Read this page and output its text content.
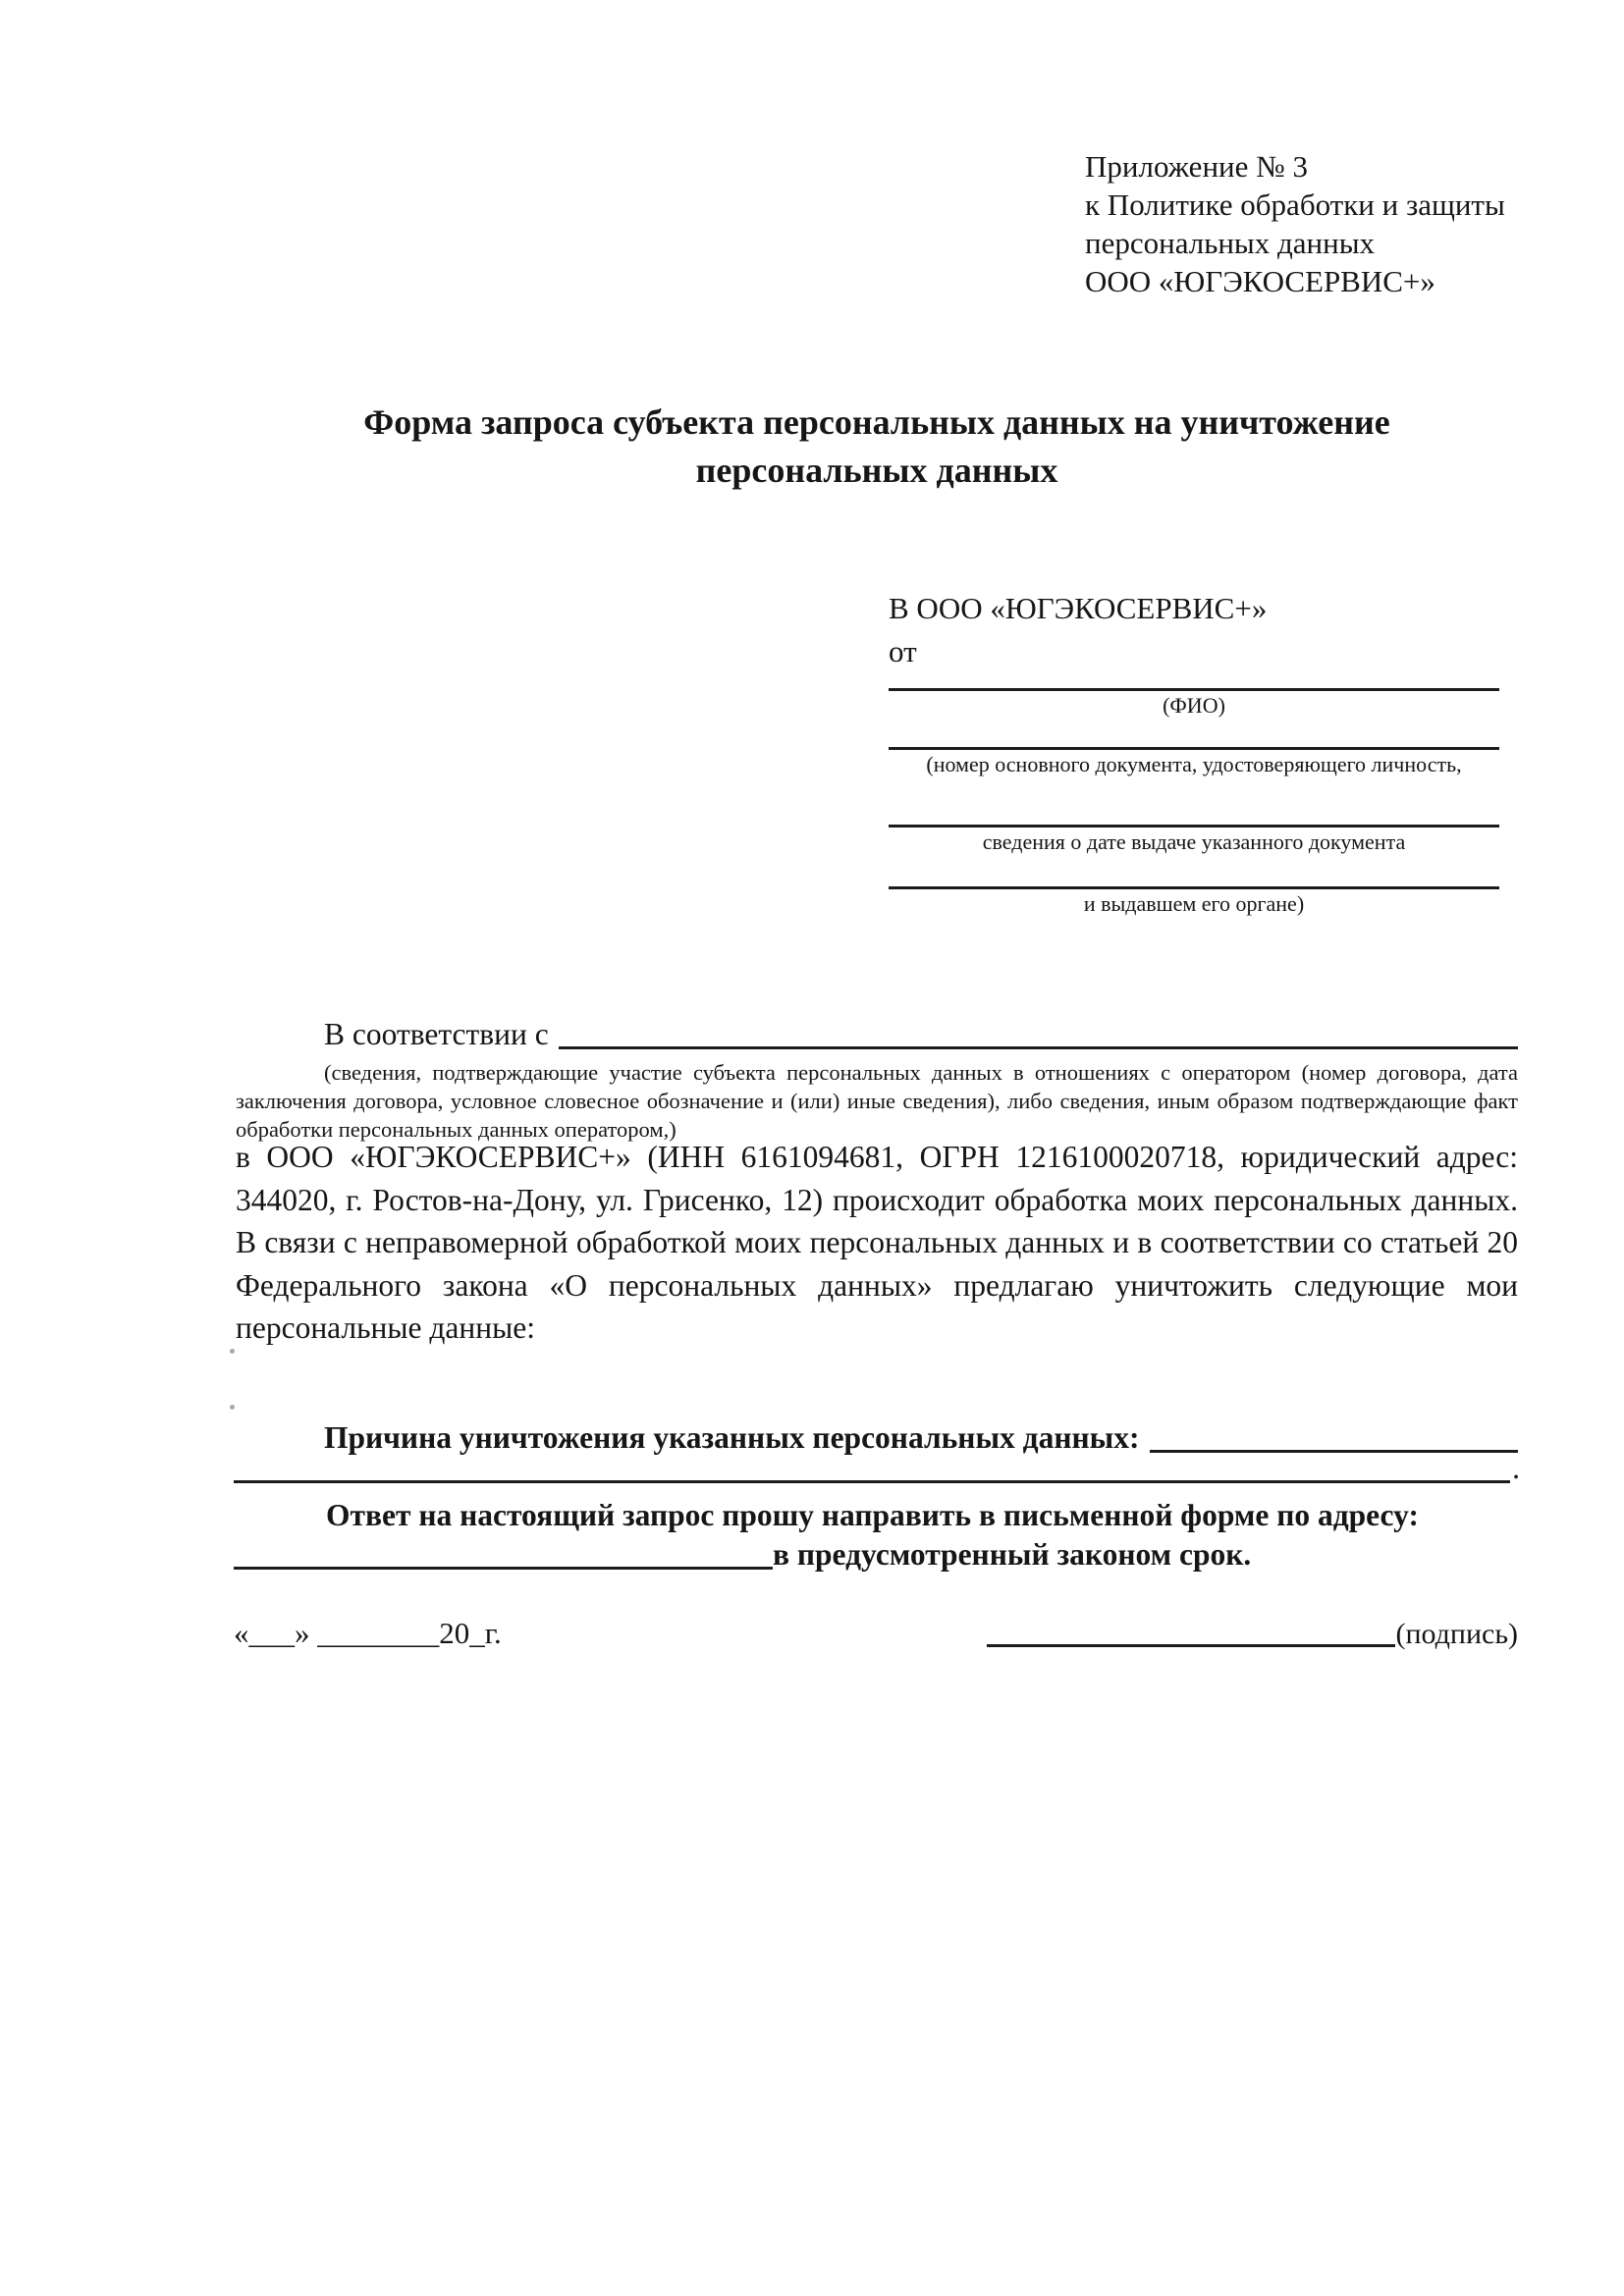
Приложение № 3
к Политике обработки и защиты
персональных данных
ООО «ЮГЭКОСЕРВИС+»
Форма запроса субъекта персональных данных на уничтожение
персональных данных
В ООО «ЮГЭКОСЕРВИС+»
от
(ФИО)
(номер основного документа, удостоверяющего личность,
сведения о дате выдаче указанного документа
и выдавшем его органе)
В соответствии с
(сведения, подтверждающие участие субъекта персональных данных в отношениях с оператором (номер договора, дата заключения договора, условное словесное обозначение и (или) иные сведения), либо сведения, иным образом подтверждающие факт обработки персональных данных оператором,)
в ООО «ЮГЭКОСЕРВИС+» (ИНН 6161094681, ОГРН 1216100020718, юридический адрес: 344020, г. Ростов-на-Дону, ул. Грисенко, 12) происходит обработка моих персональных данных. В связи с неправомерной обработкой моих персональных данных и в соответствии со статьей 20 Федерального закона «О персональных данных» предлагаю уничтожить следующие мои персональные данные:
Причина уничтожения указанных персональных данных:
.
Ответ на настоящий запрос прошу направить в письменной форме по адресу:
в предусмотренный законом срок.
«___» ________20_г.	(подпись)
